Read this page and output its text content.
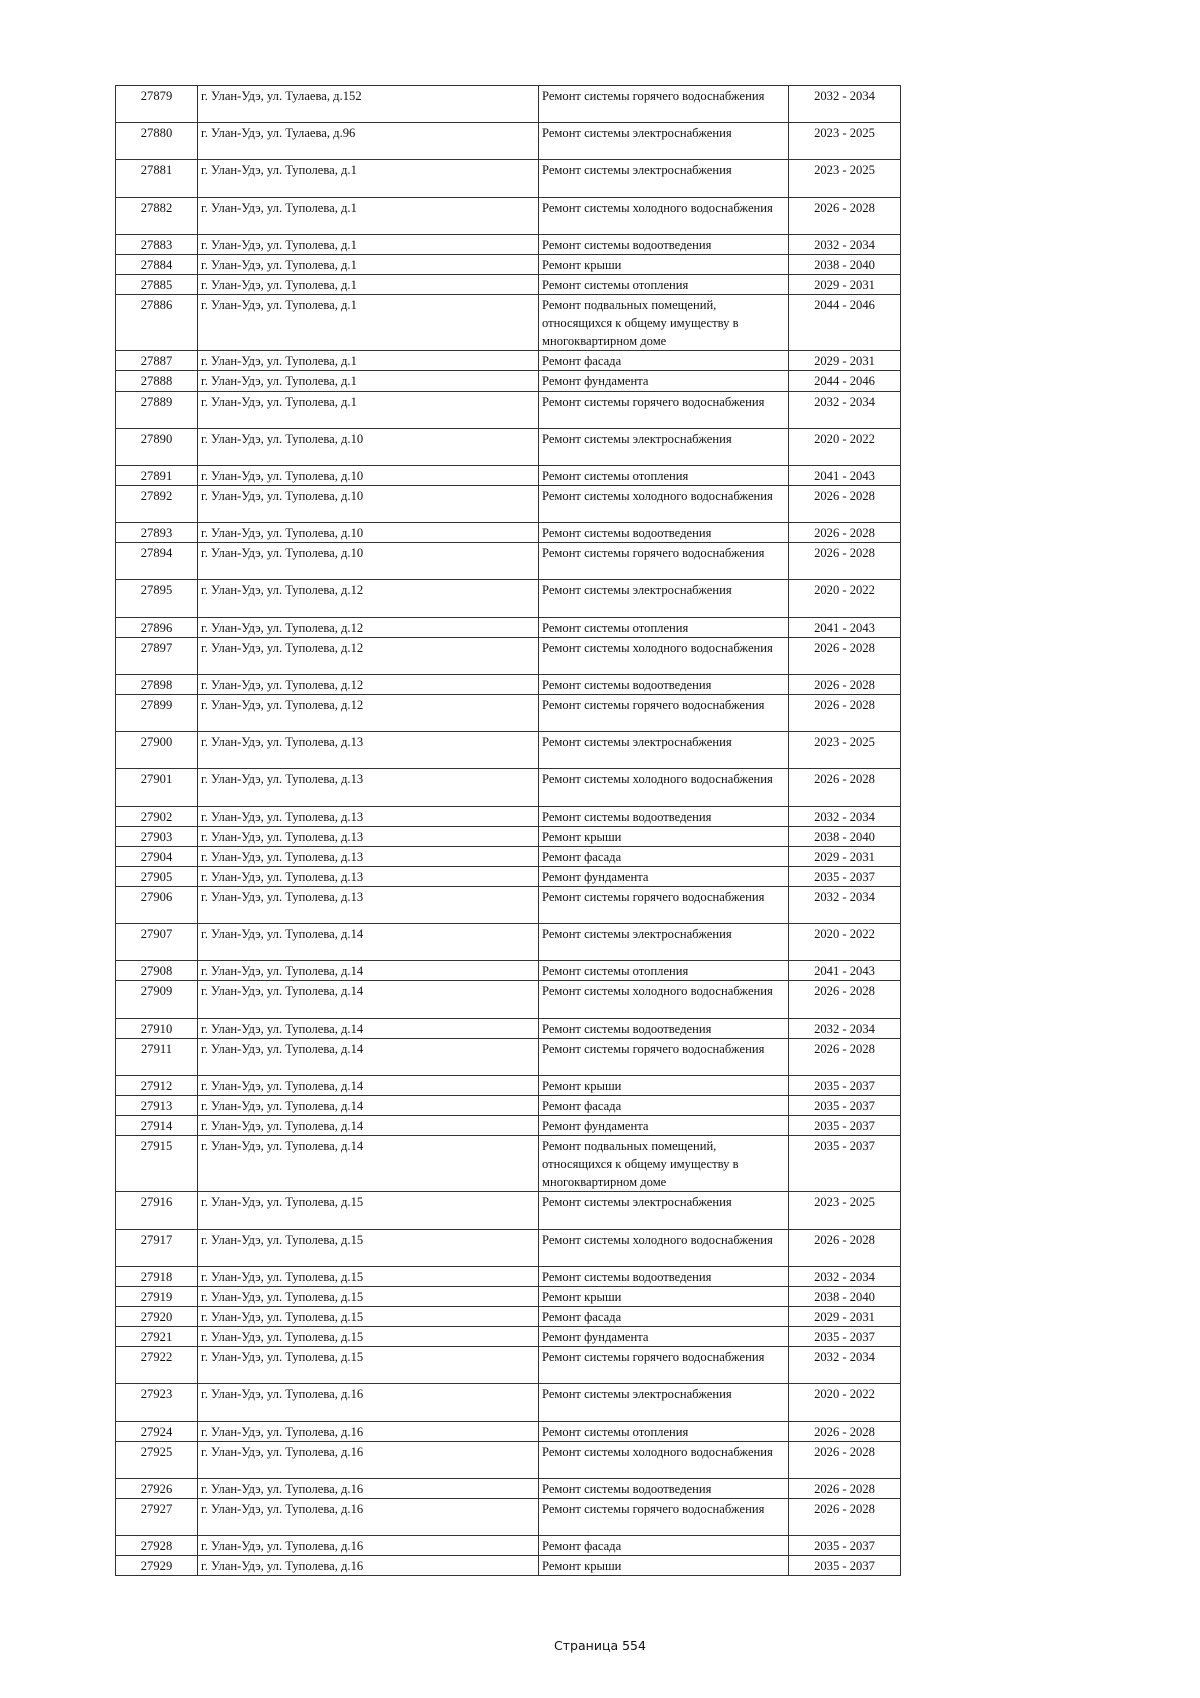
27879	г. Улан-Удэ, ул. Тулаева, д.152	Ремонт системы горячего водоснабжения	2032 - 2034
27880	г. Улан-Удэ, ул. Тулаева, д.96	Ремонт системы электроснабжения	2023 - 2025
27881	г. Улан-Удэ, ул. Туполева, д.1	Ремонт системы электроснабжения	2023 - 2025
27882	г. Улан-Удэ, ул. Туполева, д.1	Ремонт системы холодного водоснабжения	2026 - 2028
27883	г. Улан-Удэ, ул. Туполева, д.1	Ремонт системы водоотведения	2032 - 2034
27884	г. Улан-Удэ, ул. Туполева, д.1	Ремонт крыши	2038 - 2040
27885	г. Улан-Удэ, ул. Туполева, д.1	Ремонт системы отопления	2029 - 2031
27886	г. Улан-Удэ, ул. Туполева, д.1	Ремонт подвальных помещений, относящихся к общему имуществу в многоквартирном доме	2044 - 2046
27887	г. Улан-Удэ, ул. Туполева, д.1	Ремонт фасада	2029 - 2031
27888	г. Улан-Удэ, ул. Туполева, д.1	Ремонт фундамента	2044 - 2046
27889	г. Улан-Удэ, ул. Туполева, д.1	Ремонт системы горячего водоснабжения	2032 - 2034
27890	г. Улан-Удэ, ул. Туполева, д.10	Ремонт системы электроснабжения	2020 - 2022
27891	г. Улан-Удэ, ул. Туполева, д.10	Ремонт системы отопления	2041 - 2043
27892	г. Улан-Удэ, ул. Туполева, д.10	Ремонт системы холодного водоснабжения	2026 - 2028
27893	г. Улан-Удэ, ул. Туполева, д.10	Ремонт системы водоотведения	2026 - 2028
27894	г. Улан-Удэ, ул. Туполева, д.10	Ремонт системы горячего водоснабжения	2026 - 2028
27895	г. Улан-Удэ, ул. Туполева, д.12	Ремонт системы электроснабжения	2020 - 2022
27896	г. Улан-Удэ, ул. Туполева, д.12	Ремонт системы отопления	2041 - 2043
27897	г. Улан-Удэ, ул. Туполева, д.12	Ремонт системы холодного водоснабжения	2026 - 2028
27898	г. Улан-Удэ, ул. Туполева, д.12	Ремонт системы водоотведения	2026 - 2028
27899	г. Улан-Удэ, ул. Туполева, д.12	Ремонт системы горячего водоснабжения	2026 - 2028
27900	г. Улан-Удэ, ул. Туполева, д.13	Ремонт системы электроснабжения	2023 - 2025
27901	г. Улан-Удэ, ул. Туполева, д.13	Ремонт системы холодного водоснабжения	2026 - 2028
27902	г. Улан-Удэ, ул. Туполева, д.13	Ремонт системы водоотведения	2032 - 2034
27903	г. Улан-Удэ, ул. Туполева, д.13	Ремонт крыши	2038 - 2040
27904	г. Улан-Удэ, ул. Туполева, д.13	Ремонт фасада	2029 - 2031
27905	г. Улан-Удэ, ул. Туполева, д.13	Ремонт фундамента	2035 - 2037
27906	г. Улан-Удэ, ул. Туполева, д.13	Ремонт системы горячего водоснабжения	2032 - 2034
27907	г. Улан-Удэ, ул. Туполева, д.14	Ремонт системы электроснабжения	2020 - 2022
27908	г. Улан-Удэ, ул. Туполева, д.14	Ремонт системы отопления	2041 - 2043
27909	г. Улан-Удэ, ул. Туполева, д.14	Ремонт системы холодного водоснабжения	2026 - 2028
27910	г. Улан-Удэ, ул. Туполева, д.14	Ремонт системы водоотведения	2032 - 2034
27911	г. Улан-Удэ, ул. Туполева, д.14	Ремонт системы горячего водоснабжения	2026 - 2028
27912	г. Улан-Удэ, ул. Туполева, д.14	Ремонт крыши	2035 - 2037
27913	г. Улан-Удэ, ул. Туполева, д.14	Ремонт фасада	2035 - 2037
27914	г. Улан-Удэ, ул. Туполева, д.14	Ремонт фундамента	2035 - 2037
27915	г. Улан-Удэ, ул. Туполева, д.14	Ремонт подвальных помещений, относящихся к общему имуществу в многоквартирном доме	2035 - 2037
27916	г. Улан-Удэ, ул. Туполева, д.15	Ремонт системы электроснабжения	2023 - 2025
27917	г. Улан-Удэ, ул. Туполева, д.15	Ремонт системы холодного водоснабжения	2026 - 2028
27918	г. Улан-Удэ, ул. Туполева, д.15	Ремонт системы водоотведения	2032 - 2034
27919	г. Улан-Удэ, ул. Туполева, д.15	Ремонт крыши	2038 - 2040
27920	г. Улан-Удэ, ул. Туполева, д.15	Ремонт фасада	2029 - 2031
27921	г. Улан-Удэ, ул. Туполева, д.15	Ремонт фундамента	2035 - 2037
27922	г. Улан-Удэ, ул. Туполева, д.15	Ремонт системы горячего водоснабжения	2032 - 2034
27923	г. Улан-Удэ, ул. Туполева, д.16	Ремонт системы электроснабжения	2020 - 2022
27924	г. Улан-Удэ, ул. Туполева, д.16	Ремонт системы отопления	2026 - 2028
27925	г. Улан-Удэ, ул. Туполева, д.16	Ремонт системы холодного водоснабжения	2026 - 2028
27926	г. Улан-Удэ, ул. Туполева, д.16	Ремонт системы водоотведения	2026 - 2028
27927	г. Улан-Удэ, ул. Туполева, д.16	Ремонт системы горячего водоснабжения	2026 - 2028
27928	г. Улан-Удэ, ул. Туполева, д.16	Ремонт фасада	2035 - 2037
27929	г. Улан-Удэ, ул. Туполева, д.16	Ремонт крыши	2035 - 2037
Страница 554
